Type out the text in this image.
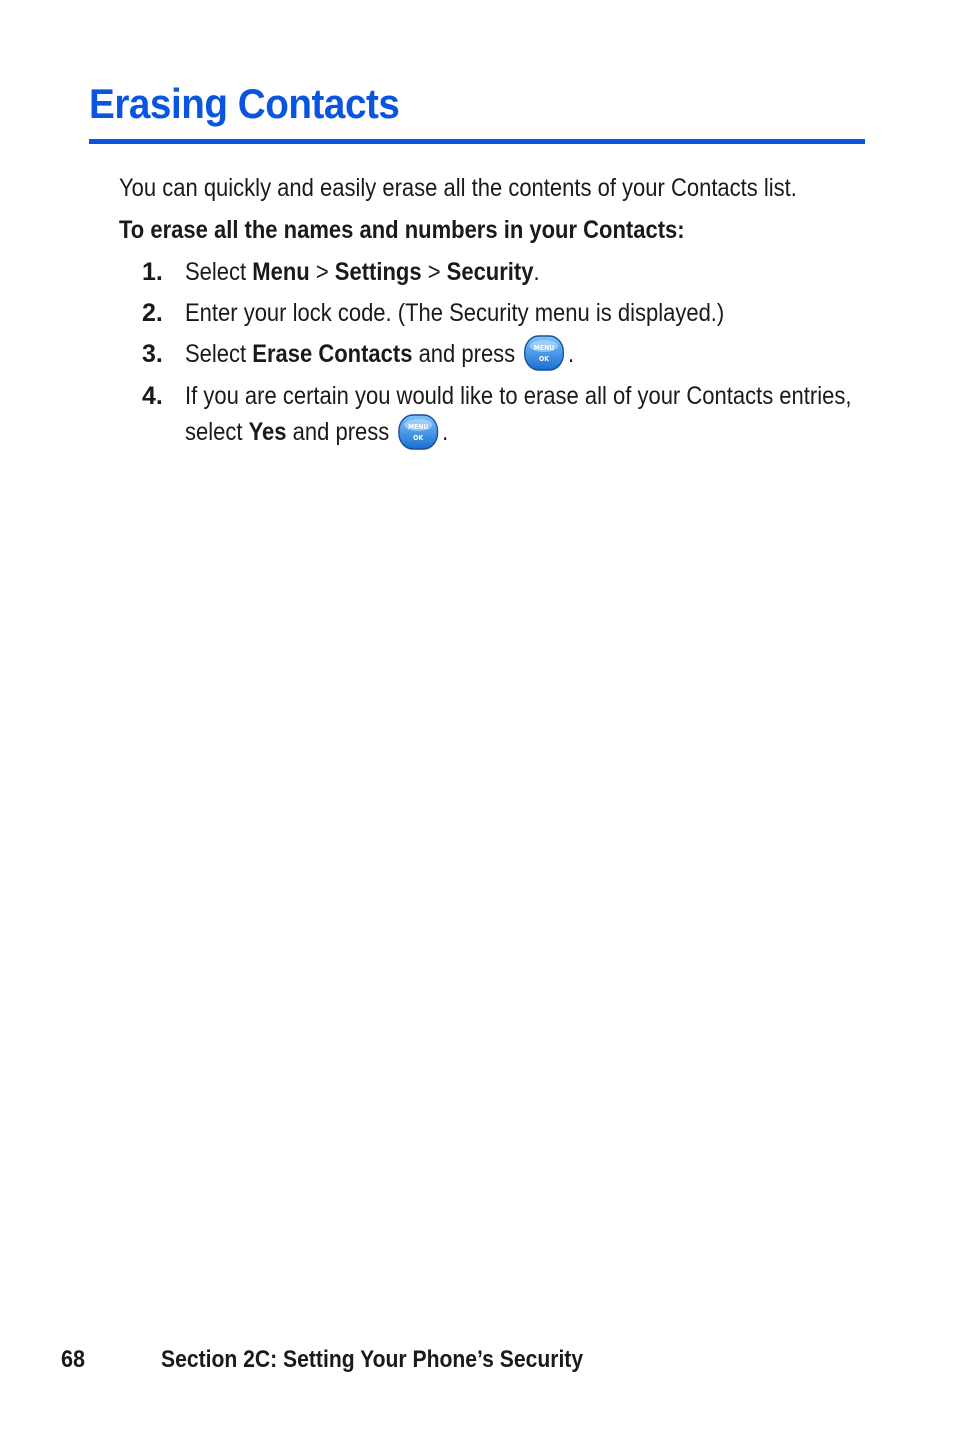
Erasing Contacts

You can quickly and easily erase all the contents of your Contacts list.

To erase all the names and numbers in your Contacts:

1. Select Menu > Settings > Security.
2. Enter your lock code. (The Security menu is displayed.)
3. Select Erase Contacts and press	MENU
OK .
4. If you are certain you would like to erase all of your Contacts entries,
select Yes and press	MENU
OK .
68	Section 2C: Setting Your Phone’s Security
